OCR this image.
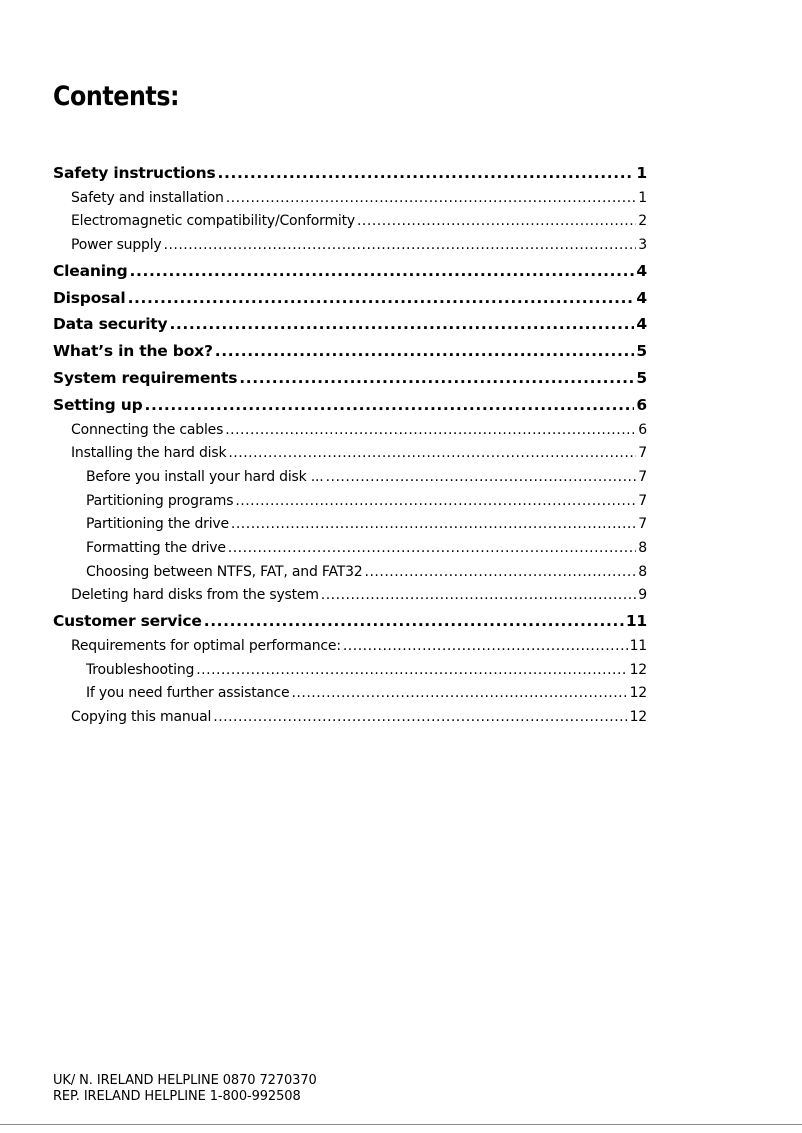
Contents:
Safety instructions .....	1
Safety and installation .....	1
Electromagnetic compatibility/Conformity .....	2
Power supply .....	3
Cleaning .....	4
Disposal .....	4
Data security .....	4
What’s in the box? .....	5
System requirements .....	5
Setting up .....	6
Connecting the cables .....	6
Installing the hard disk .....	7
Before you install your hard disk ... .....	7
Partitioning programs .....	7
Partitioning the drive .....	7
Formatting the drive .....	8
Choosing between NTFS, FAT, and FAT32 .....	8
Deleting hard disks from the system .....	9
Customer service .....	11
Requirements for optimal performance: .....	11
Troubleshooting .....	12
If you need further assistance .....	12
Copying this manual .....	12
UK/ N. IRELAND HELPLINE 0870 7270370
REP. IRELAND HELPLINE 1-800-992508
